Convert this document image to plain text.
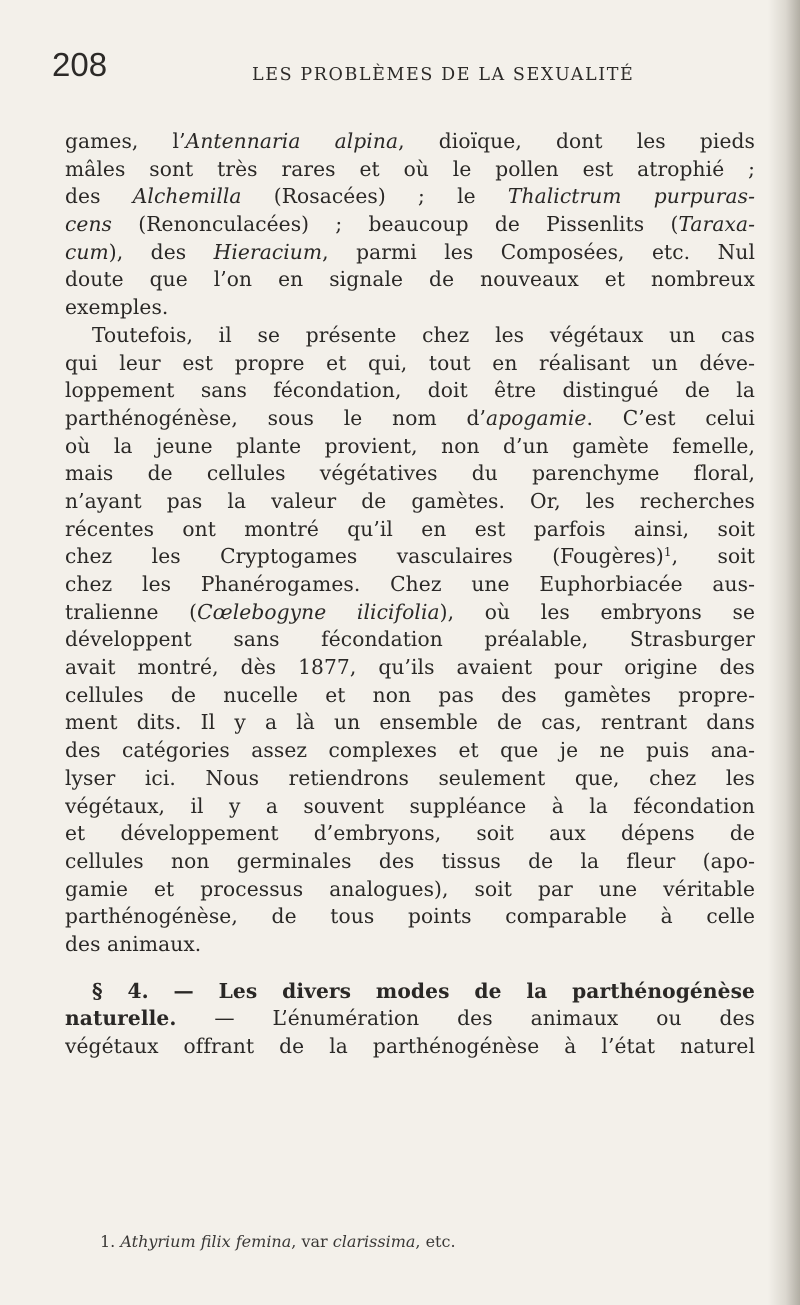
208	LES PROBLÈMES DE LA SEXUALITÉ
games, l’Antennaria alpina, dioïque, dont les pieds
mâles sont très rares et où le pollen est atrophié ;
des Alchemilla (Rosacées) ; le Thalictrum purpuras-
cens (Renonculacées) ; beaucoup de Pissenlits (Taraxa-
cum), des Hieracium, parmi les Composées, etc. Nul
doute que l’on en signale de nouveaux et nombreux
exemples.
Toutefois, il se présente chez les végétaux un cas
qui leur est propre et qui, tout en réalisant un déve-
loppement sans fécondation, doit être distingué de la
parthénogénèse, sous le nom d’apogamie. C’est celui
où la jeune plante provient, non d’un gamète femelle,
mais de cellules végétatives du parenchyme floral,
n’ayant pas la valeur de gamètes. Or, les recherches
récentes ont montré qu’il en est parfois ainsi, soit
chez les Cryptogames vasculaires (Fougères)$^1$, soit
chez les Phanérogames. Chez une Euphorbiacée aus-
tralienne (Cœlebogyne ilicifolia), où les embryons se
développent sans fécondation préalable, Strasburger
avait montré, dès 1877, qu’ils avaient pour origine des
cellules de nucelle et non pas des gamètes propre-
ment dits. Il y a là un ensemble de cas, rentrant dans
des catégories assez complexes et que je ne puis ana-
lyser ici. Nous retiendrons seulement que, chez les
végétaux, il y a souvent suppléance à la fécondation
et développement d’embryons, soit aux dépens de
cellules non germinales des tissus de la fleur (apo-
gamie et processus analogues), soit par une véritable
parthénogénèse, de tous points comparable à celle
des animaux.
§ 4. — Les divers modes de la parthénogénèse
naturelle. — L’énumération des animaux ou des
végétaux offrant de la parthénogénèse à l’état naturel
1. Athyrium filix femina, var clarissima, etc.
